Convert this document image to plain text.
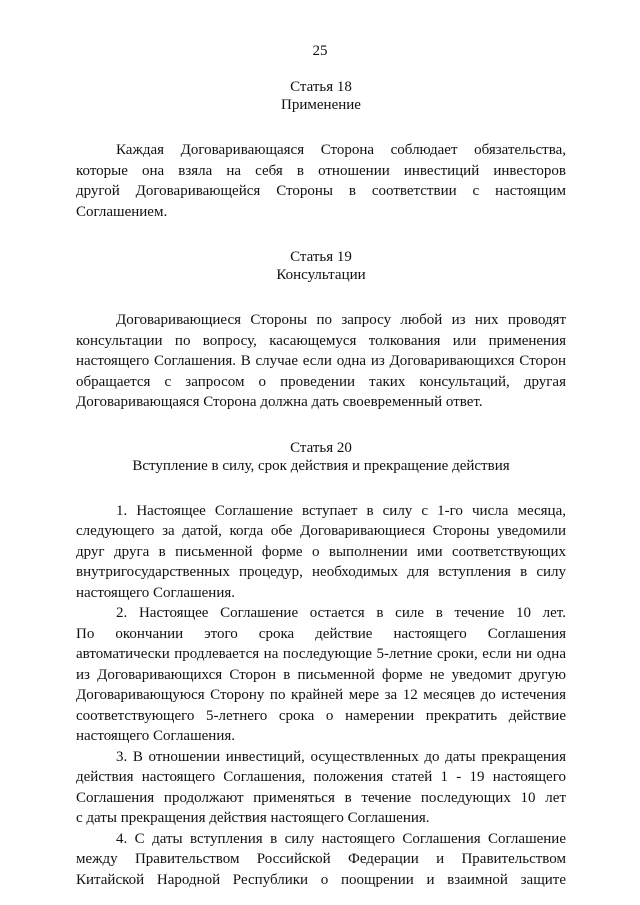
25
Статья 18
Применение
Каждая Договаривающаяся Сторона соблюдает обязательства,
которые она взяла на себя в отношении инвестиций инвесторов
другой Договаривающейся Стороны в соответствии с настоящим
Соглашением.
Статья 19
Консультации
Договаривающиеся Стороны по запросу любой из них проводят
консультации по вопросу, касающемуся толкования или применения
настоящего Соглашения. В случае если одна из Договаривающихся Сторон
обращается с запросом о проведении таких консультаций, другая
Договаривающаяся Сторона должна дать своевременный ответ.
Статья 20
Вступление в силу, срок действия и прекращение действия
1. Настоящее Соглашение вступает в силу с 1-го числа месяца,
следующего за датой, когда обе Договаривающиеся Стороны уведомили
друг друга в письменной форме о выполнении ими соответствующих
внутригосударственных процедур, необходимых для вступления в силу
настоящего Соглашения.
2. Настоящее Соглашение остается в силе в течение 10 лет.
По окончании этого срока действие настоящего Соглашения
автоматически продлевается на последующие 5-летние сроки, если ни одна
из Договаривающихся Сторон в письменной форме не уведомит другую
Договаривающуюся Сторону по крайней мере за 12 месяцев до истечения
соответствующего 5-летнего срока о намерении прекратить действие
настоящего Соглашения.
3. В отношении инвестиций, осуществленных до даты прекращения
действия настоящего Соглашения, положения статей 1 - 19 настоящего
Соглашения продолжают применяться в течение последующих 10 лет
с даты прекращения действия настоящего Соглашения.
4. С даты вступления в силу настоящего Соглашения Соглашение
между Правительством Российской Федерации и Правительством
Китайской Народной Республики о поощрении и взаимной защите
